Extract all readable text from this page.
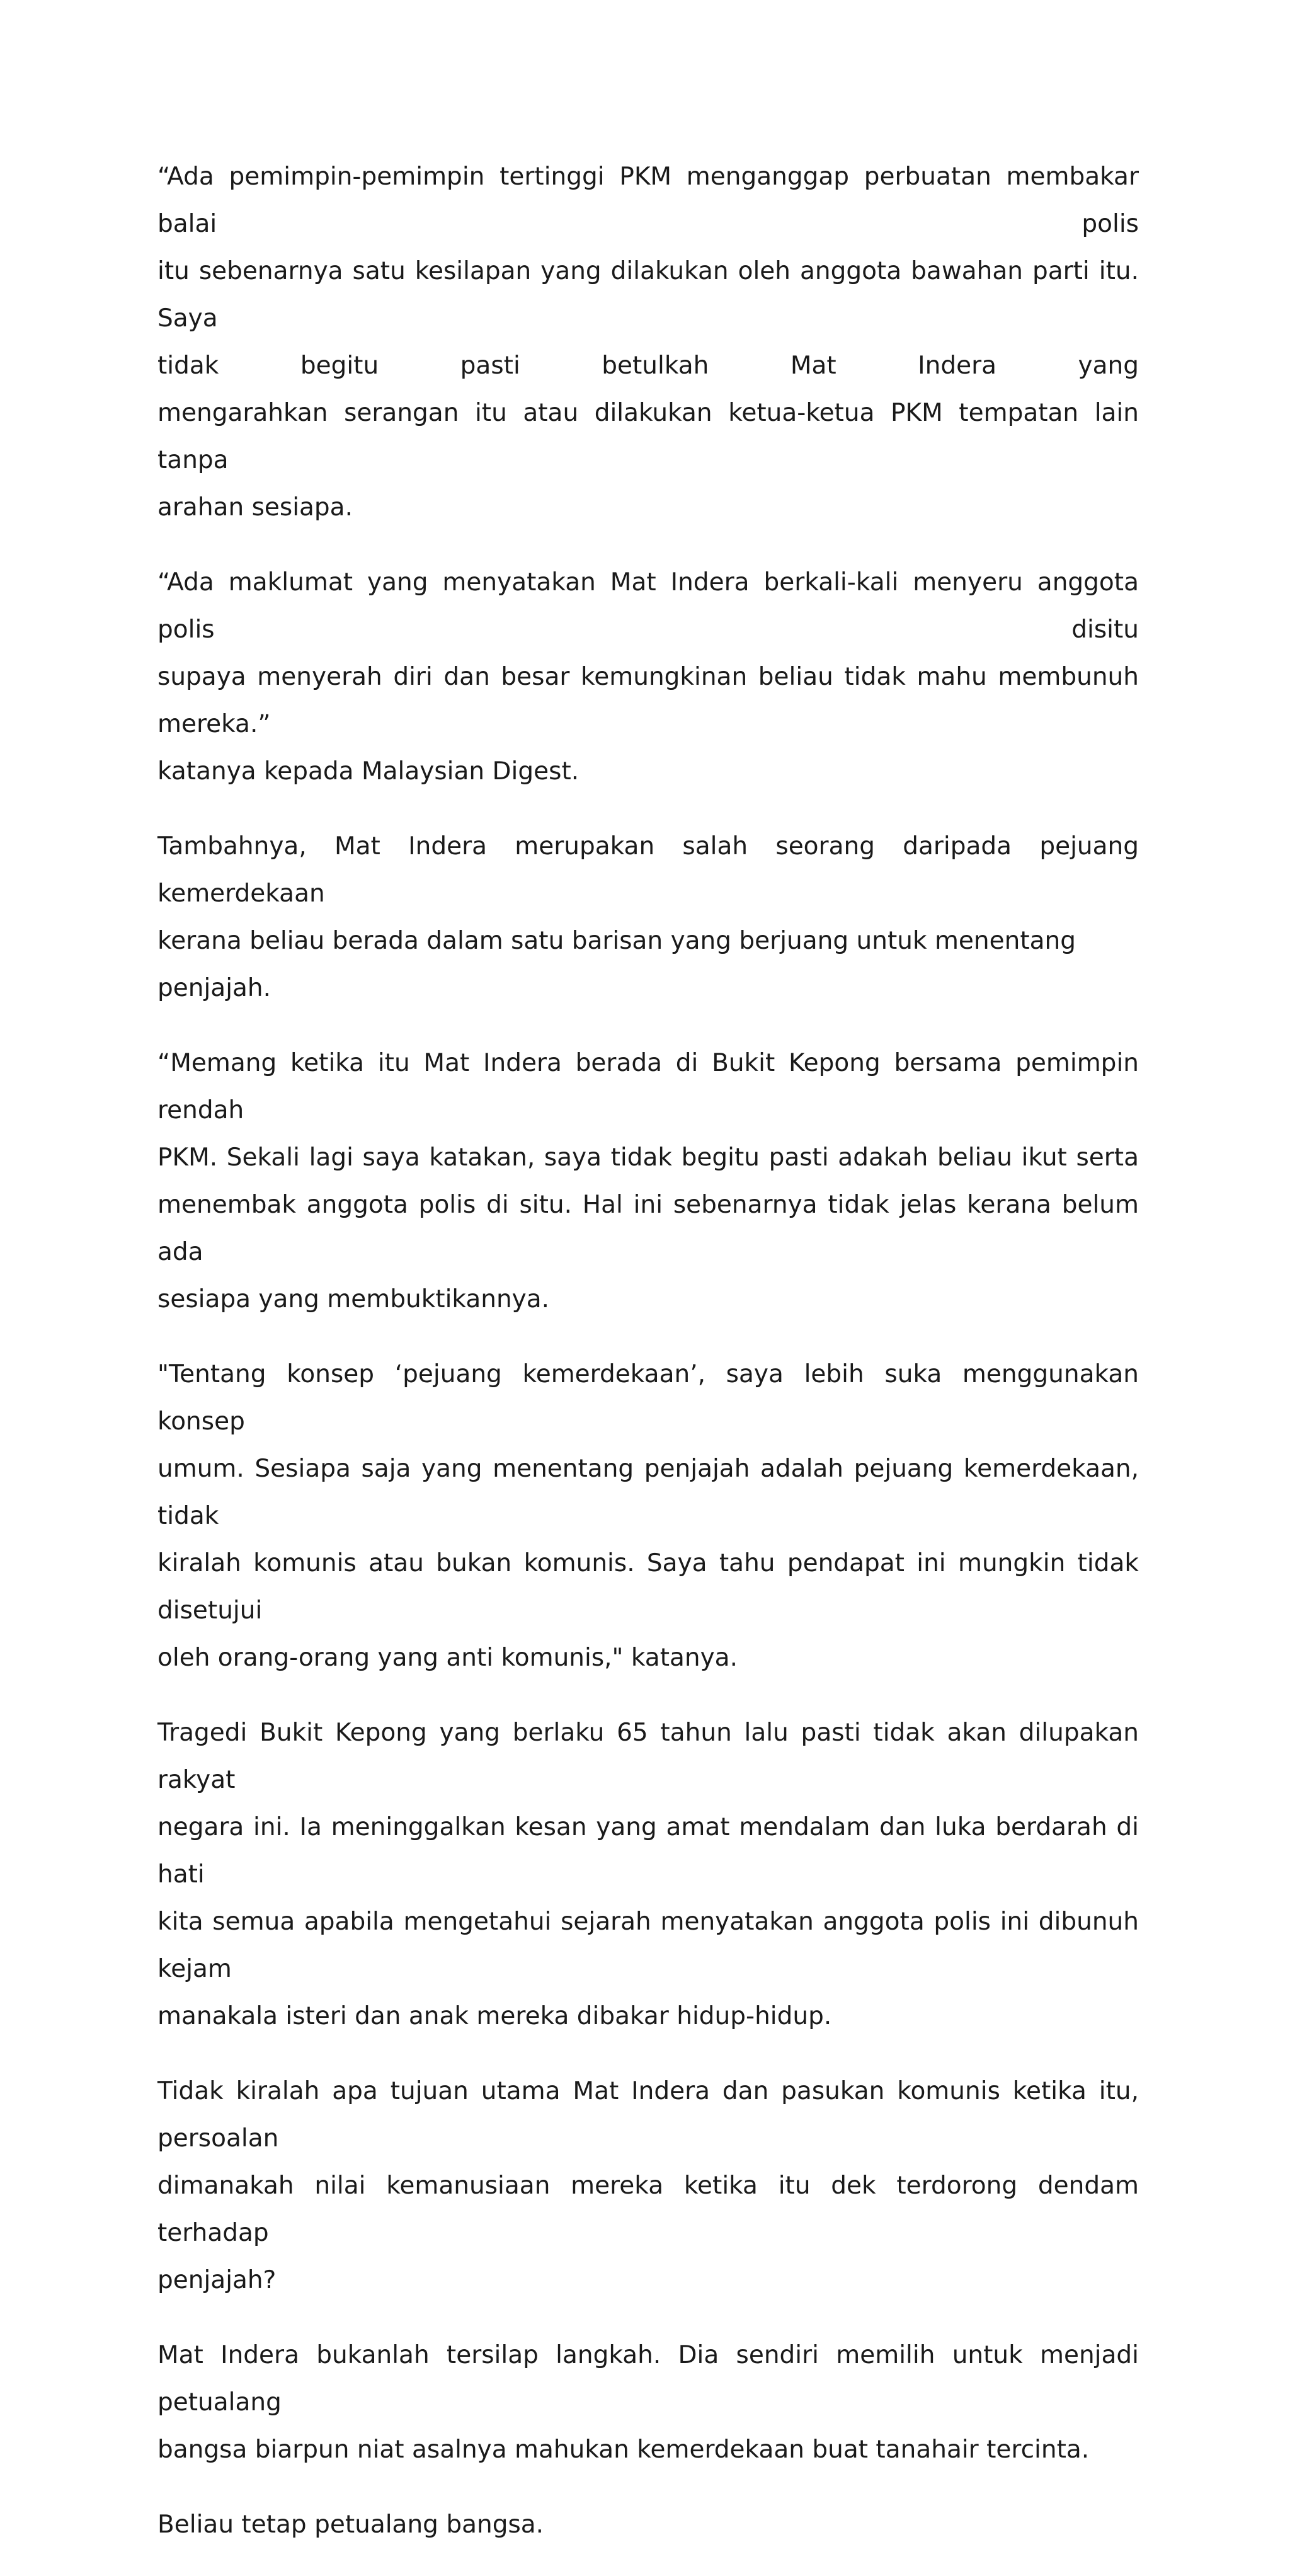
“Ada pemimpin-pemimpin tertinggi PKM menganggap perbuatan membakar balai polis
itu sebenarnya satu kesilapan yang dilakukan oleh anggota bawahan parti itu. Saya
tidak begitu pasti betulkah Mat Indera yang
mengarahkan serangan itu atau dilakukan ketua-ketua PKM tempatan lain tanpa
arahan sesiapa.
“Ada maklumat yang menyatakan Mat Indera berkali-kali menyeru anggota polis disitu
supaya menyerah diri dan besar kemungkinan beliau tidak mahu membunuh mereka.”
katanya kepada Malaysian Digest.
Tambahnya, Mat Indera merupakan salah seorang daripada pejuang kemerdekaan
kerana beliau berada dalam satu barisan yang berjuang untuk menentang penjajah.
“Memang ketika itu Mat Indera berada di Bukit Kepong bersama pemimpin rendah
PKM. Sekali lagi saya katakan, saya tidak begitu pasti adakah beliau ikut serta
menembak anggota polis di situ. Hal ini sebenarnya tidak jelas kerana belum ada
sesiapa yang membuktikannya.
"Tentang konsep ‘pejuang kemerdekaan’, saya lebih suka menggunakan konsep
umum. Sesiapa saja yang menentang penjajah adalah pejuang kemerdekaan, tidak
kiralah komunis atau bukan komunis. Saya tahu pendapat ini mungkin tidak disetujui
oleh orang-orang yang anti komunis," katanya.
Tragedi Bukit Kepong yang berlaku 65 tahun lalu pasti tidak akan dilupakan rakyat
negara ini. Ia meninggalkan kesan yang amat mendalam dan luka berdarah di hati
kita semua apabila mengetahui sejarah menyatakan anggota polis ini dibunuh kejam
manakala isteri dan anak mereka dibakar hidup-hidup.
Tidak kiralah apa tujuan utama Mat Indera dan pasukan komunis ketika itu, persoalan
dimanakah nilai kemanusiaan mereka ketika itu dek terdorong dendam terhadap
penjajah?
Mat Indera bukanlah tersilap langkah. Dia sendiri memilih untuk menjadi petualang
bangsa biarpun niat asalnya mahukan kemerdekaan buat tanahair tercinta.
Beliau tetap petualang bangsa.
